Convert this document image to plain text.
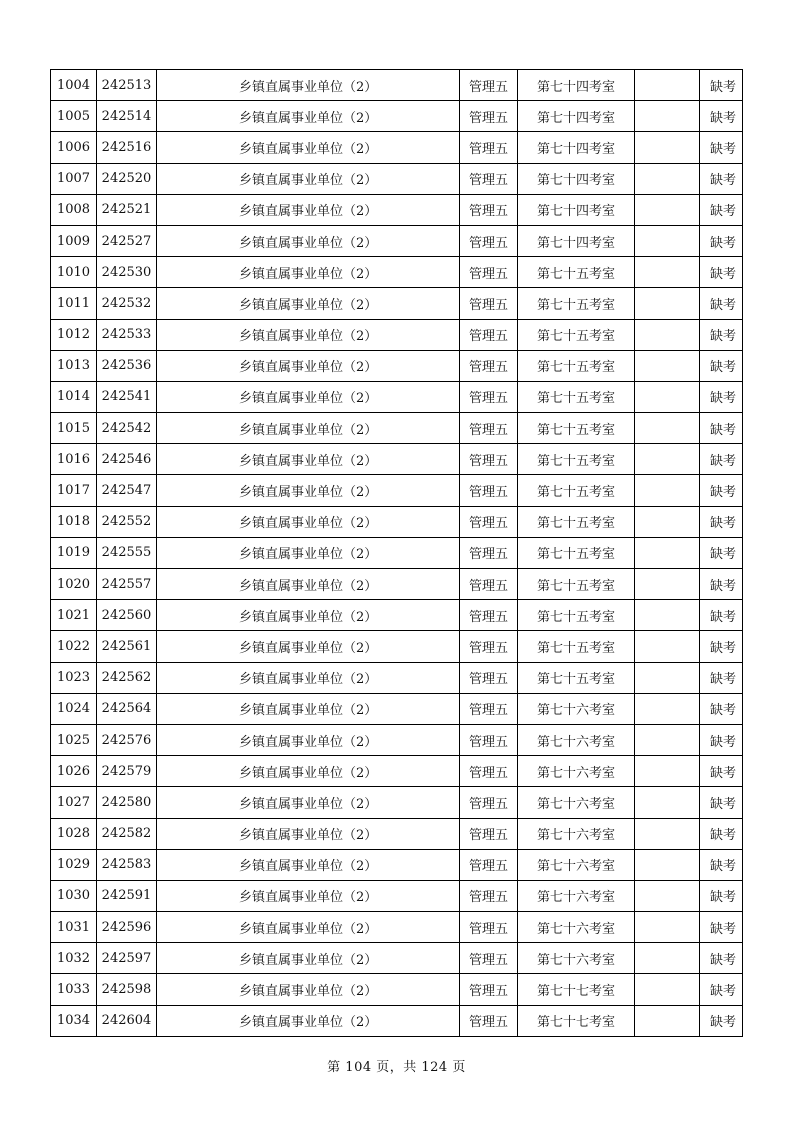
1004	242513	乡镇直属事业单位（2）	管理五	第七十四考室		缺考
1005	242514	乡镇直属事业单位（2）	管理五	第七十四考室		缺考
1006	242516	乡镇直属事业单位（2）	管理五	第七十四考室		缺考
1007	242520	乡镇直属事业单位（2）	管理五	第七十四考室		缺考
1008	242521	乡镇直属事业单位（2）	管理五	第七十四考室		缺考
1009	242527	乡镇直属事业单位（2）	管理五	第七十四考室		缺考
1010	242530	乡镇直属事业单位（2）	管理五	第七十五考室		缺考
1011	242532	乡镇直属事业单位（2）	管理五	第七十五考室		缺考
1012	242533	乡镇直属事业单位（2）	管理五	第七十五考室		缺考
1013	242536	乡镇直属事业单位（2）	管理五	第七十五考室		缺考
1014	242541	乡镇直属事业单位（2）	管理五	第七十五考室		缺考
1015	242542	乡镇直属事业单位（2）	管理五	第七十五考室		缺考
1016	242546	乡镇直属事业单位（2）	管理五	第七十五考室		缺考
1017	242547	乡镇直属事业单位（2）	管理五	第七十五考室		缺考
1018	242552	乡镇直属事业单位（2）	管理五	第七十五考室		缺考
1019	242555	乡镇直属事业单位（2）	管理五	第七十五考室		缺考
1020	242557	乡镇直属事业单位（2）	管理五	第七十五考室		缺考
1021	242560	乡镇直属事业单位（2）	管理五	第七十五考室		缺考
1022	242561	乡镇直属事业单位（2）	管理五	第七十五考室		缺考
1023	242562	乡镇直属事业单位（2）	管理五	第七十五考室		缺考
1024	242564	乡镇直属事业单位（2）	管理五	第七十六考室		缺考
1025	242576	乡镇直属事业单位（2）	管理五	第七十六考室		缺考
1026	242579	乡镇直属事业单位（2）	管理五	第七十六考室		缺考
1027	242580	乡镇直属事业单位（2）	管理五	第七十六考室		缺考
1028	242582	乡镇直属事业单位（2）	管理五	第七十六考室		缺考
1029	242583	乡镇直属事业单位（2）	管理五	第七十六考室		缺考
1030	242591	乡镇直属事业单位（2）	管理五	第七十六考室		缺考
1031	242596	乡镇直属事业单位（2）	管理五	第七十六考室		缺考
1032	242597	乡镇直属事业单位（2）	管理五	第七十六考室		缺考
1033	242598	乡镇直属事业单位（2）	管理五	第七十七考室		缺考
1034	242604	乡镇直属事业单位（2）	管理五	第七十七考室		缺考
第 104 页，共 124 页
